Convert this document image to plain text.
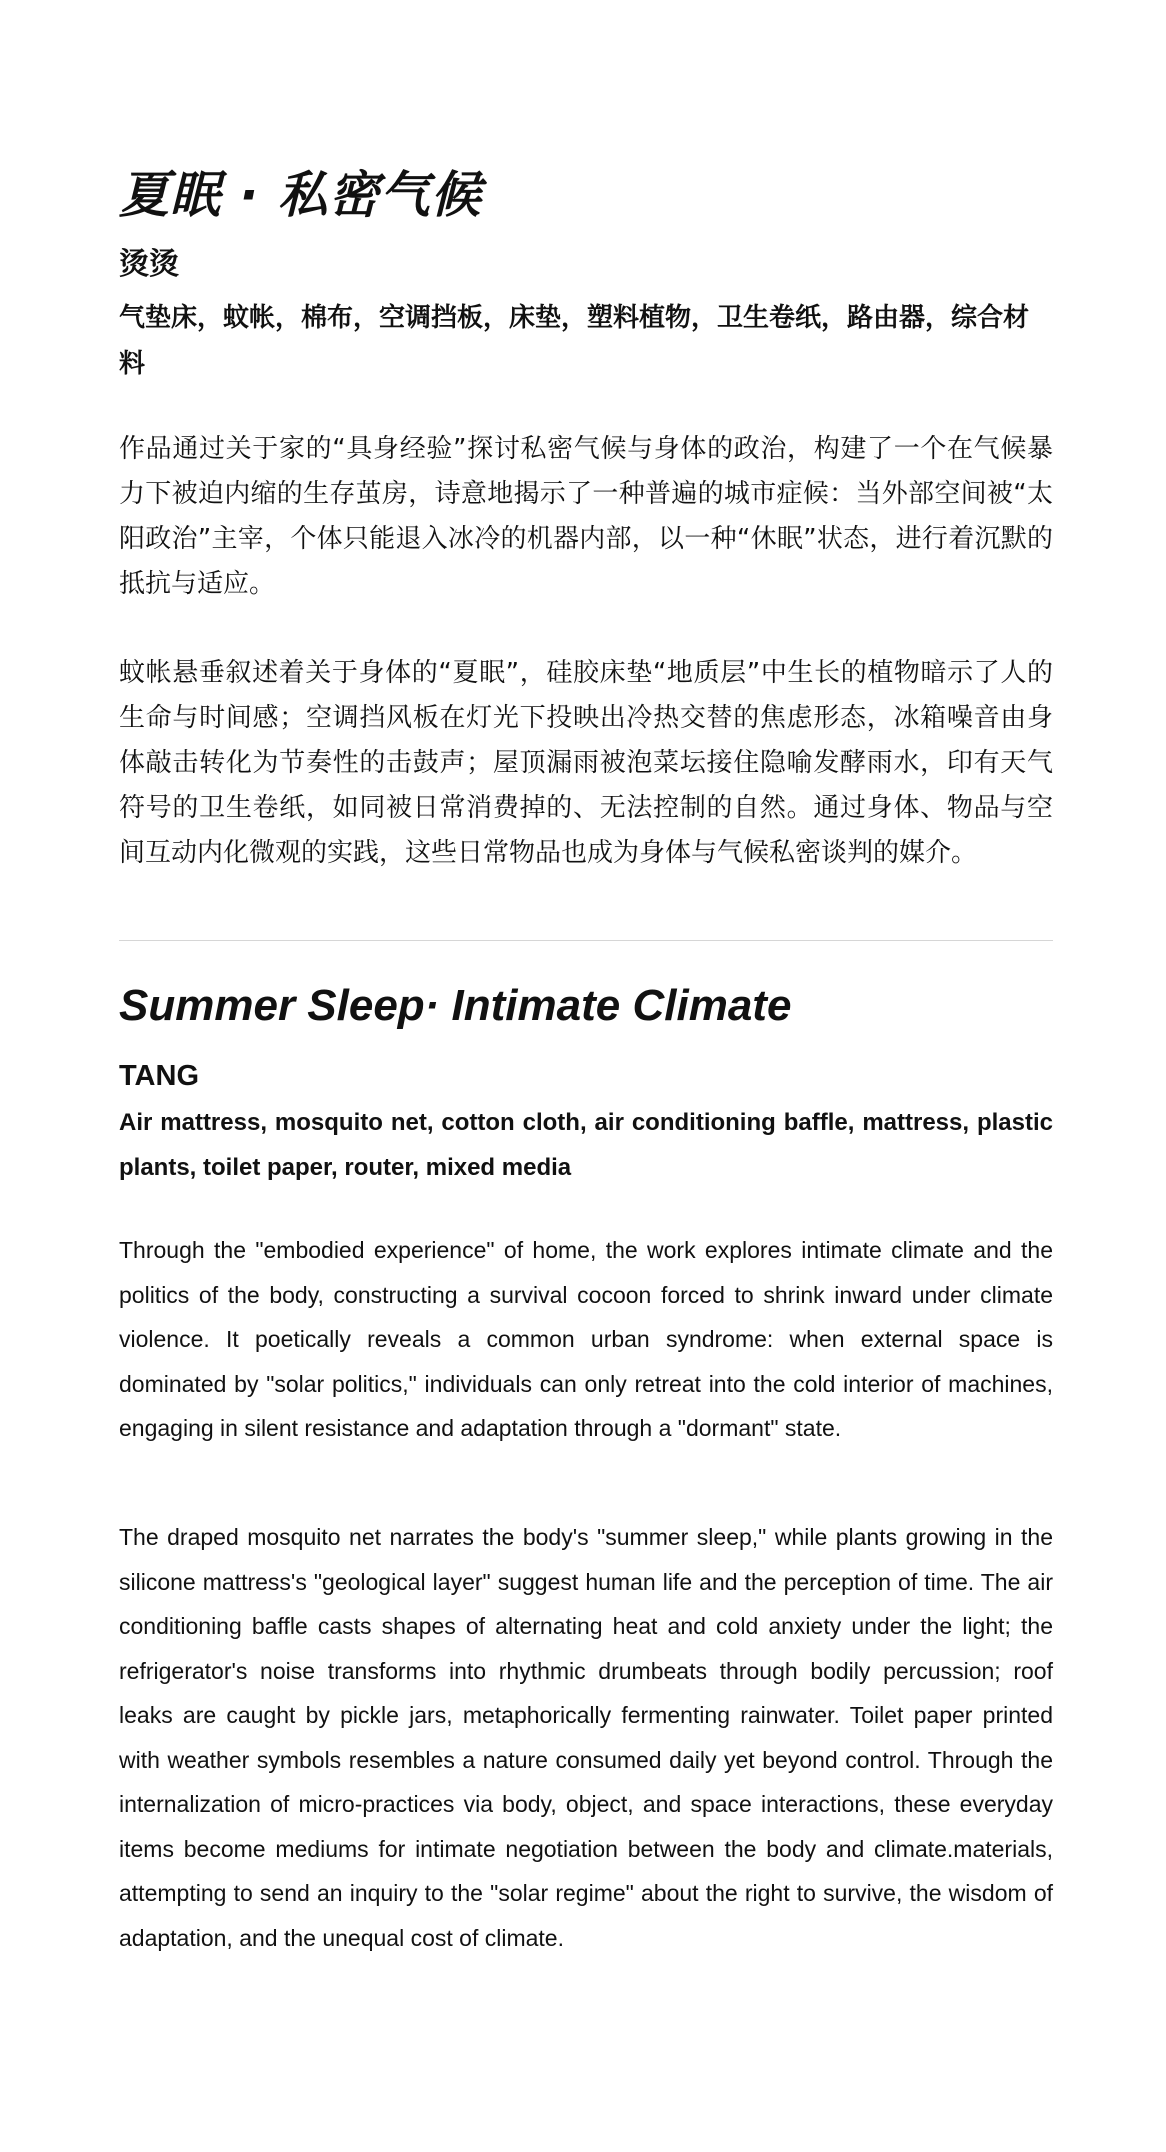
夏眠 · 私密气候
烫烫

气垫床，蚊帐，棉布，空调挡板，床垫，塑料植物，卫生卷纸，路由器，综合材料

作品通过关于家的“具身经验”探讨私密气候与身体的政治，构建了一个在气候暴力下被迫内缩的生存茧房，诗意地揭示了一种普遍的城市症候：当外部空间被“太阳政治”主宰，个体只能退入冰冷的机器内部，以一种“休眠”状态，进行着沉默的抵抗与适应。

蚊帐悬垂叙述着关于身体的“夏眠”，硅胶床垫“地质层”中生长的植物暗示了人的生命与时间感；空调挡风板在灯光下投映出冷热交替的焦虑形态，冰箱噪音由身体敲击转化为节奏性的击鼓声；屋顶漏雨被泡菜坛接住隐喻发酵雨水，印有天气符号的卫生卷纸，如同被日常消费掉的、无法控制的自然。通过身体、物品与空间互动内化微观的实践，这些日常物品也成为身体与气候私密谈判的媒介。

Summer Sleep· Intimate Climate
TANG

Air mattress, mosquito net, cotton cloth, air conditioning baffle, mattress, plastic plants, toilet paper, router, mixed media

Through the "embodied experience" of home, the work explores intimate climate and the politics of the body, constructing a survival cocoon forced to shrink inward under climate violence. It poetically reveals a common urban syndrome: when external space is dominated by "solar politics," individuals can only retreat into the cold interior of machines, engaging in silent resistance and adaptation through a "dormant" state.

The draped mosquito net narrates the body's "summer sleep," while plants growing in the silicone mattress's "geological layer" suggest human life and the perception of time. The air conditioning baffle casts shapes of alternating heat and cold anxiety under the light; the refrigerator's noise transforms into rhythmic drumbeats through bodily percussion; roof leaks are caught by pickle jars, metaphorically fermenting rainwater. Toilet paper printed with weather symbols resembles a nature consumed daily yet beyond control. Through the internalization of micro-practices via body, object, and space interactions, these everyday items become mediums for intimate negotiation between the body and climate.materials, attempting to send an inquiry to the "solar regime" about the right to survive, the wisdom of adaptation, and the unequal cost of climate.
